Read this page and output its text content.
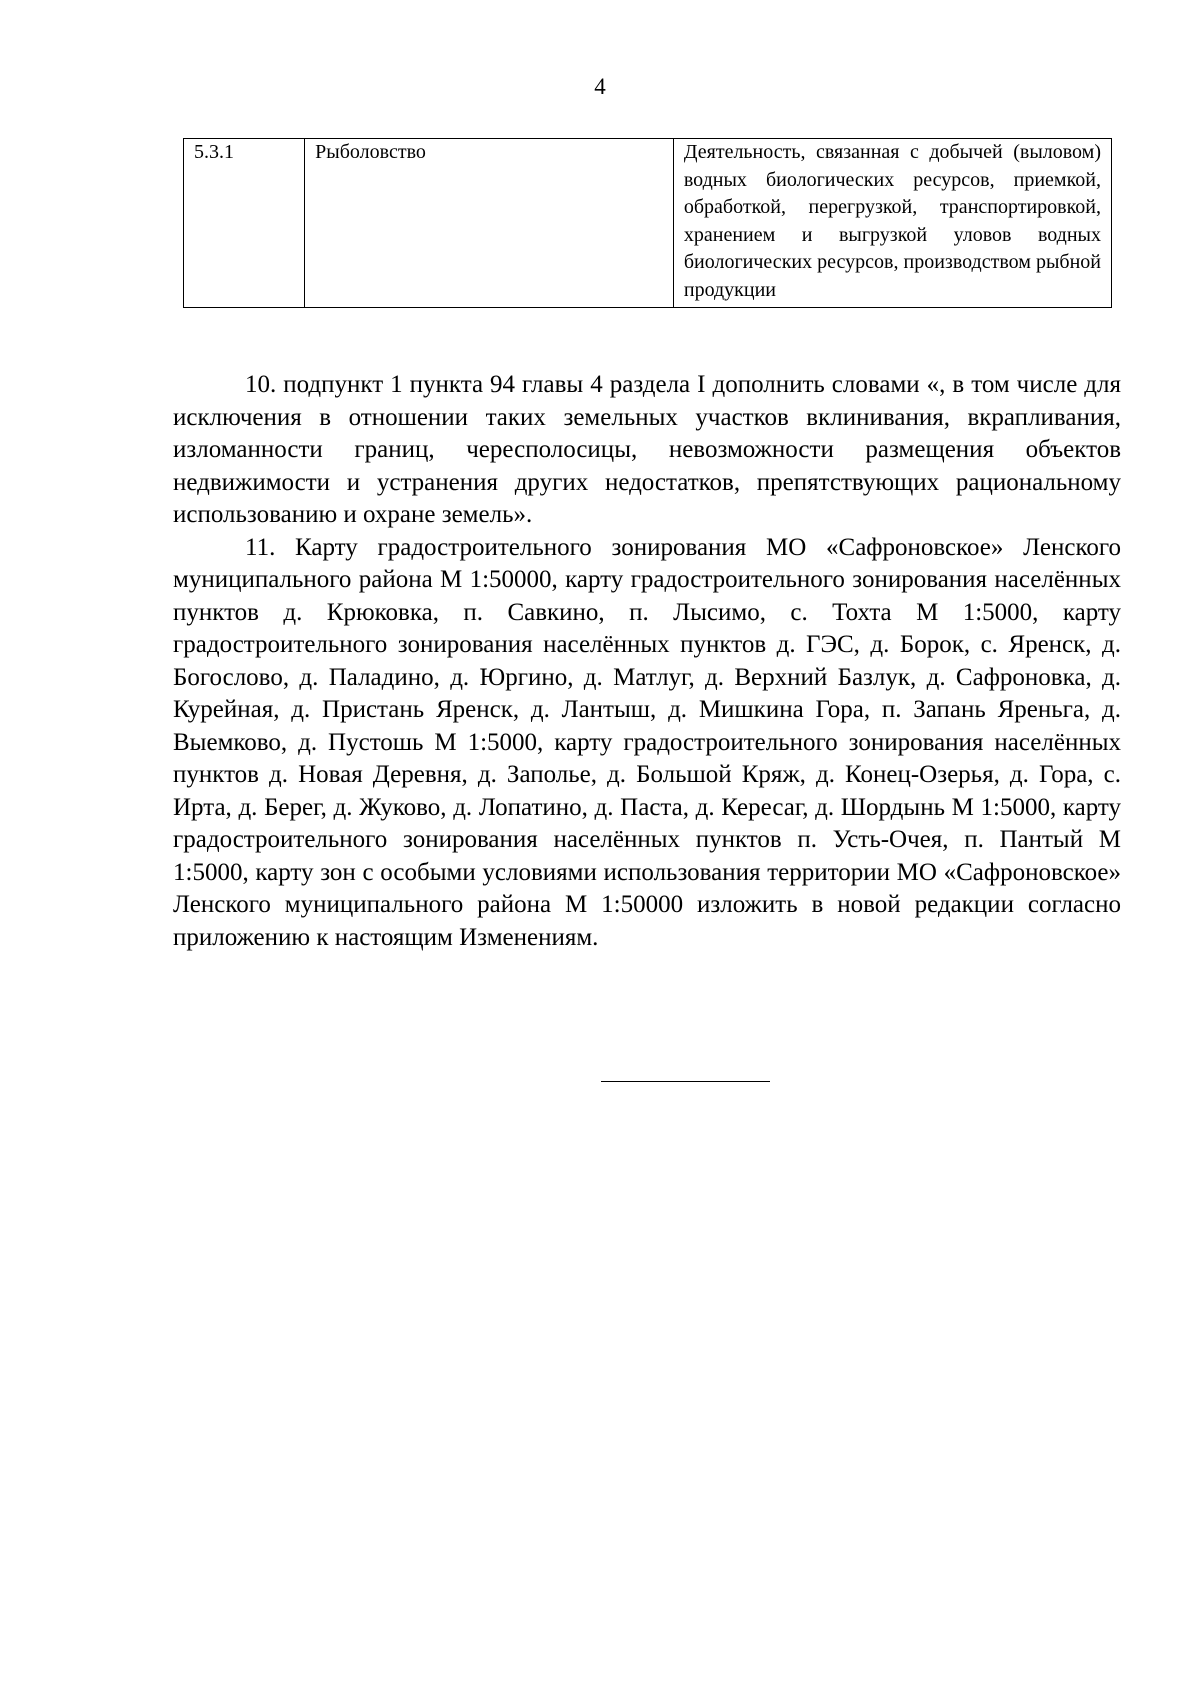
4
5.3.1	Рыболовство	Деятельность, связанная с добычей (выловом) водных биологических ресурсов, приемкой, обработкой, перегрузкой, транспортировкой, хранением и выгрузкой уловов водных биологических ресурсов, производством рыбной продукции

10. подпункт 1 пункта 94 главы 4 раздела I дополнить словами «, в том числе для исключения в отношении таких земельных участков вклинивания, вкрапливания, изломанности границ, чересполосицы, невозможности размещения объектов недвижимости и устранения других недостатков, препятствующих рациональному использованию и охране земель».

11. Карту градостроительного зонирования МО «Сафроновское» Ленского муниципального района М 1:50000, карту градостроительного зонирования населённых пунктов д. Крюковка, п. Савкино, п. Лысимо, с. Тохта М 1:5000, карту градостроительного зонирования населённых пунктов д. ГЭС, д. Борок, с. Яренск, д. Богослово, д. Паладино, д. Юргино, д. Матлуг, д. Верхний Базлук, д. Сафроновка, д. Курейная, д. Пристань Яренск, д. Лантыш, д. Мишкина Гора, п. Запань Яреньга, д. Выемково, д. Пустошь М 1:5000, карту градостроительного зонирования населённых пунктов д. Новая Деревня, д. Заполье, д. Большой Кряж, д. Конец-Озерья, д. Гора, с. Ирта, д. Берег, д. Жуково, д. Лопатино, д. Паста, д. Кересаг, д. Шордынь М 1:5000, карту градостроительного зонирования населённых пунктов п. Усть-Очея, п. Пантый М 1:5000, карту зон с особыми условиями использования территории МО «Сафроновское» Ленского муниципального района М 1:50000 изложить в новой редакции согласно приложению к настоящим Изменениям.
